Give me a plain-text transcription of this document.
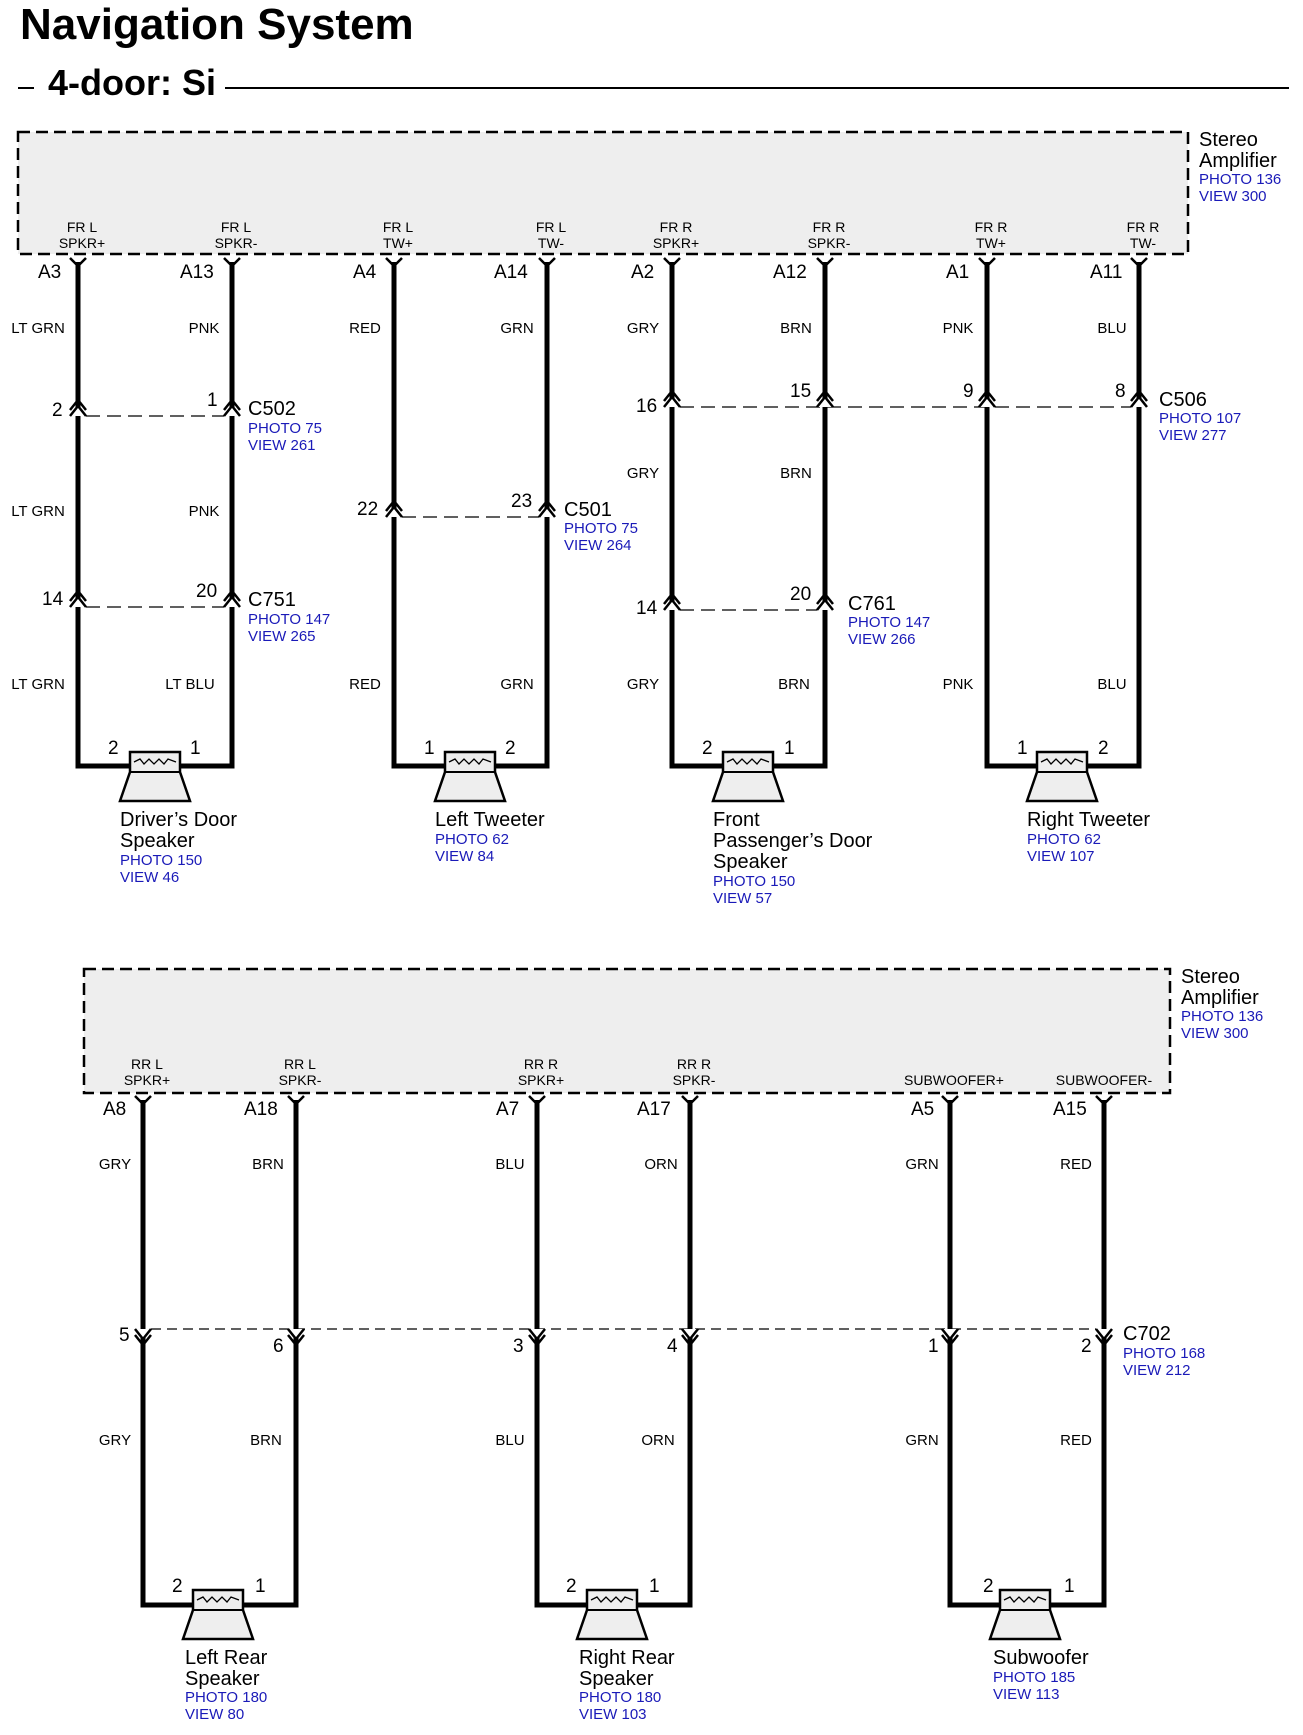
Navigation System
4-door: Si
Stereo
Amplifier
PHOTO 136
VIEW 300
FR L
SPKR+
FR L
SPKR-
FR L
TW+
FR L
TW-
FR R
SPKR+
FR R
SPKR-
FR R
TW+
FR R
TW-
A3	A13	A4	A14	A2	A12	A1	A11
LT GRN
LT GRN
LT GRN
PNK
PNK
LT BLU
RED
RED
GRN
GRN
GRY
GRY
GRY
BRN
BRN
BRN
PNK
PNK
BLU
BLU
2	1
14	20
22	23
16
15	9	8
14
20
C502
PHOTO 75
VIEW 261
C751
PHOTO 147
VIEW 265
C501
PHOTO 75
VIEW 264
C506
PHOTO 107
VIEW 277
C761
PHOTO 147
VIEW 266
2	1	1	2	2	1	1	2
Driver’s Door
Speaker
Left Tweeter	Front
Passenger’s Door
Speaker
Right Tweeter
PHOTO 150
VIEW 46
PHOTO 62
VIEW 84
PHOTO 150
VIEW 57
PHOTO 62
VIEW 107
Stereo
Amplifier
PHOTO 136
VIEW 300
RR L
SPKR+
RR L
SPKR-
RR R
SPKR+
RR R
SPKR-	SUBWOOFER+	SUBWOOFER-
A8	A18	A7	A17	A5	A15
GRY
GRY
BRN
BRN
BLU
BLU
ORN
ORN
GRN
GRN
RED
RED
5
6	3	4	1	2
C702
PHOTO 168
VIEW 212
2	1	2	1	2	1
Left Rear
Speaker
Right Rear
Speaker
Subwoofer
PHOTO 180
VIEW 80
PHOTO 180
VIEW 103
PHOTO 185
VIEW 113
